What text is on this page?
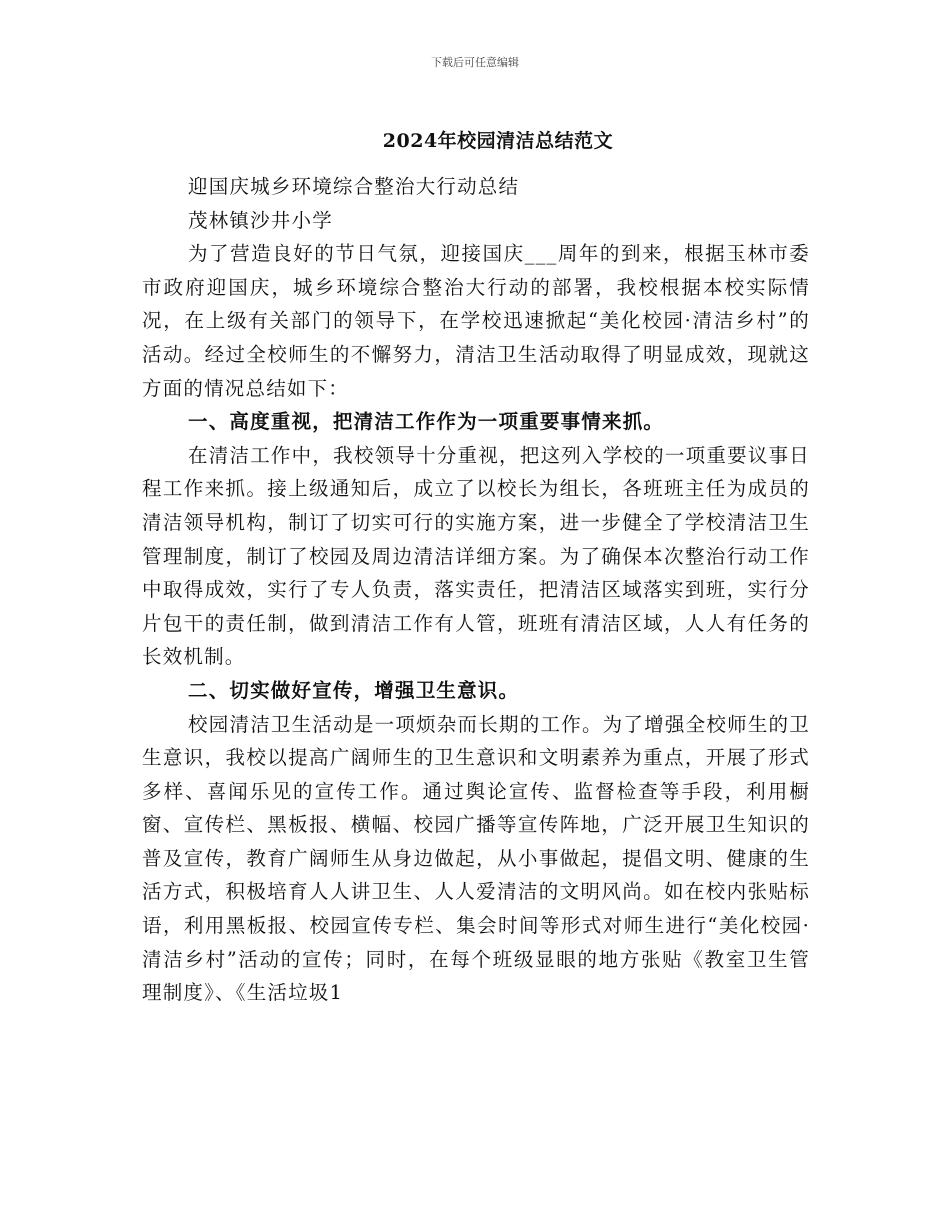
下载后可任意编辑
2024年校园清洁总结范文

迎国庆城乡环境综合整治大行动总结

茂林镇沙井小学

为了营造良好的节日气氛，迎接国庆___周年的到来，根据玉林市委市政府迎国庆，城乡环境综合整治大行动的部署，我校根据本校实际情况，在上级有关部门的领导下，在学校迅速掀起“美化校园·清洁乡村”的活动。经过全校师生的不懈努力，清洁卫生活动取得了明显成效，现就这方面的情况总结如下：

一、高度重视，把清洁工作作为一项重要事情来抓。

在清洁工作中，我校领导十分重视，把这列入学校的一项重要议事日程工作来抓。接上级通知后，成立了以校长为组长，各班班主任为成员的清洁领导机构，制订了切实可行的实施方案，进一步健全了学校清洁卫生管理制度，制订了校园及周边清洁详细方案。为了确保本次整治行动工作中取得成效，实行了专人负责，落实责任，把清洁区域落实到班，实行分片包干的责任制，做到清洁工作有人管，班班有清洁区域，人人有任务的长效机制。

二、切实做好宣传，增强卫生意识。

校园清洁卫生活动是一项烦杂而长期的工作。为了增强全校师生的卫生意识，我校以提高广阔师生的卫生意识和文明素养为重点，开展了形式多样、喜闻乐见的宣传工作。通过舆论宣传、监督检查等手段，利用橱窗、宣传栏、黑板报、横幅、校园广播等宣传阵地，广泛开展卫生知识的普及宣传，教育广阔师生从身边做起，从小事做起，提倡文明、健康的生活方式，积极培育人人讲卫生、人人爱清洁的文明风尚。如在校内张贴标语，利用黑板报、校园宣传专栏、集会时间等形式对师生进行“美化校园·清洁乡村”活动的宣传；同时，在每个班级显眼的地方张贴《教室卫生管理制度》、《生活垃圾1
